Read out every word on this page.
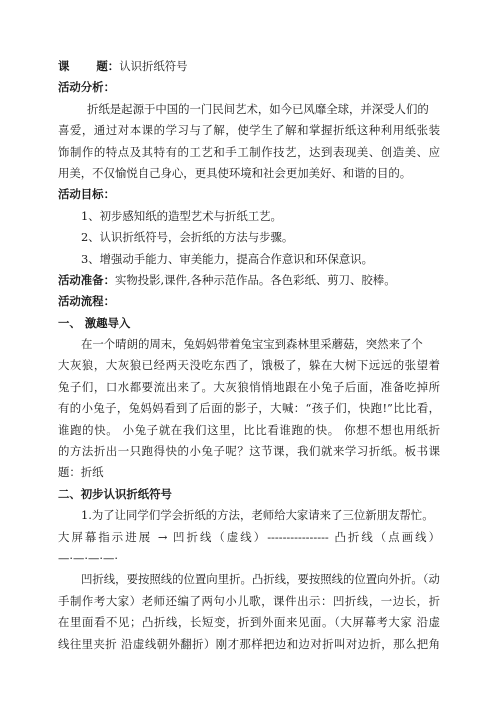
课 题：认识折纸符号
活动分析：
折纸是起源于中国的一门民间艺术，如今已风靡全球，并深受人们的
喜爱，通过对本课的学习与了解，使学生了解和掌握折纸这种利用纸张装
饰制作的特点及其特有的工艺和手工制作技艺，达到表现美、创造美、应
用美，不仅愉悦自己身心，更具使环境和社会更加美好、和谐的目的。
活动目标：
1、初步感知纸的造型艺术与折纸工艺。
2、认识折纸符号，会折纸的方法与步骤。
3、增强动手能力、审美能力，提高合作意识和环保意识。
活动准备：实物投影,课件,各种示范作品。各色彩纸、剪刀、胶棒。
活动流程：
一、 激趣导入
在一个晴朗的周末，兔妈妈带着兔宝宝到森林里采蘑菇，突然来了个
大灰狼，大灰狼已经两天没吃东西了，饿极了，躲在大树下远远的张望着
兔子们，口水都要流出来了。大灰狼悄悄地跟在小兔子后面，准备吃掉所
有的小兔子，兔妈妈看到了后面的影子，大喊：“孩子们，快跑!”比比看，
谁跑的快。 小兔子就在我们这里，比比看谁跑的快。 你想不想也用纸折
的方法折出一只跑得快的小兔子呢？这节课，我们就来学习折纸。板书课
题：折纸
二、初步认识折纸符号
1.为了让同学们学会折纸的方法，老师给大家请来了三位新朋友帮忙。
大屏幕指示进展 → 凹折线（虚线）---------------- 凸折线（点画线）
—·—·—·—·
凹折线，要按照线的位置向里折。凸折线，要按照线的位置向外折。（动
手制作考大家）老师还编了两句小儿歌，课件出示：凹折线，一边长，折
在里面看不见；凸折线，长短变，折到外面来见面。（大屏幕考大家 沿虚
线往里夹折 沿虚线朝外翻折）刚才那样把边和边对折叫对边折，那么把角
